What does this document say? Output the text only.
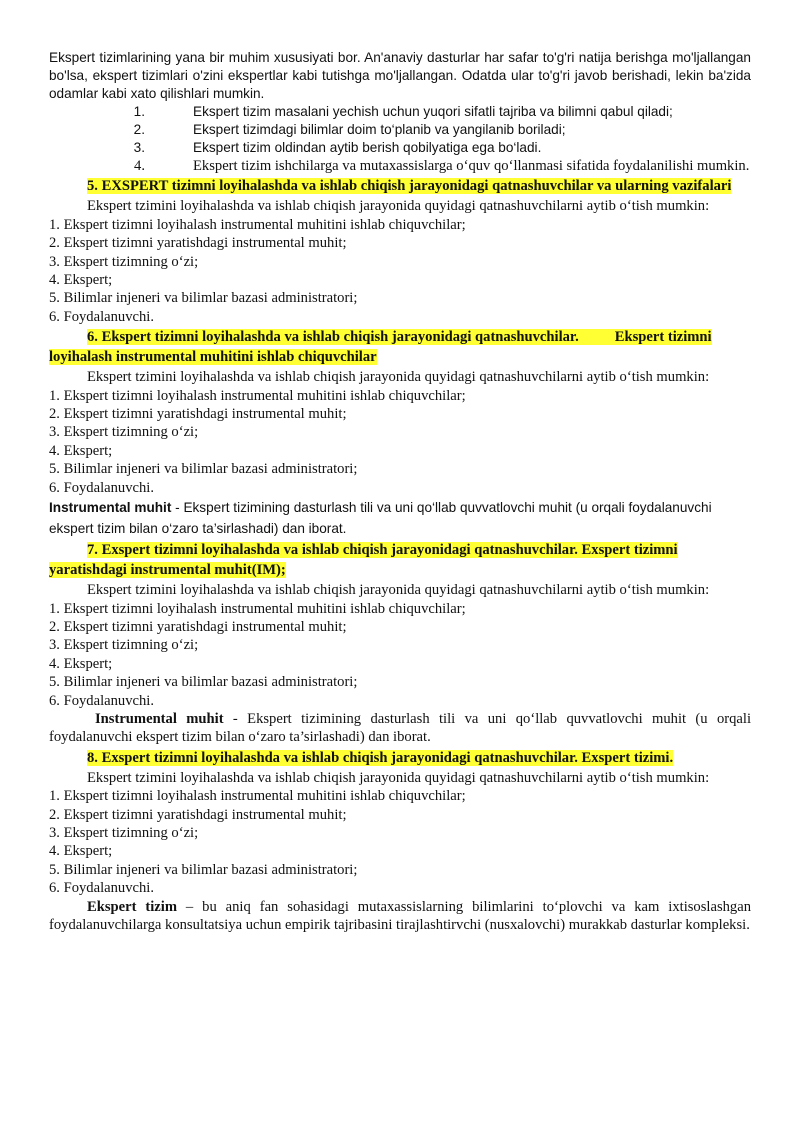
Ekspert tizimlarining yana bir muhim xususiyati bor. An'anaviy dasturlar har safar to'g'ri natija berishga mo'ljallangan bo'lsa, ekspert tizimlari o'zini ekspertlar kabi tutishga mo'ljallangan. Odatda ular to'g'ri javob berishadi, lekin ba'zida odamlar kabi xato qilishlari mumkin.

1.	Ekspert tizim masalani yechish uchun yuqori sifatli tajriba va bilimni qabul qiladi;
2.	Ekspert tizimdagi bilimlar doim to‘planib va yangilanib boriladi;
3.	Ekspert tizim oldindan aytib berish qobilyatiga ega bo‘ladi.
4.	Ekspert tizim ishchilarga va mutaxassislarga o‘quv qo‘llanmasi sifatida foydalanilishi mumkin.

5. EXSPERT tizimni loyihalashda va ishlab chiqish jarayonidagi qatnashuvchilar va ularning vazifalari

Ekspert tzimini loyihalashda va ishlab chiqish jarayonida quyidagi qatnashuvchilarni aytib o‘tish mumkin:

1. Ekspert tizimni loyihalash instrumental muhitini ishlab chiquvchilar;
2. Ekspert tizimni yaratishdagi instrumental muhit;
3. Ekspert tizimning o‘zi;
4. Ekspert;
5. Bilimlar injeneri va bilimlar bazasi administratori;
6. Foydalanuvchi.

6. Ekspert tizimni loyihalashda va ishlab chiqish jarayonidagi qatnashuvchilar. Ekspert tizimni loyihalash instrumental muhitini ishlab chiquvchilar

Ekspert tzimini loyihalashda va ishlab chiqish jarayonida quyidagi qatnashuvchilarni aytib o‘tish mumkin:

1. Ekspert tizimni loyihalash instrumental muhitini ishlab chiquvchilar;
2. Ekspert tizimni yaratishdagi instrumental muhit;
3. Ekspert tizimning o‘zi;
4. Ekspert;
5. Bilimlar injeneri va bilimlar bazasi administratori;
6. Foydalanuvchi.

Instrumental muhit - Ekspert tizimining dasturlash tili va uni qo‘llab quvvatlovchi muhit (u orqali foydalanuvchi ekspert tizim bilan o‘zaro ta’sirlashadi) dan iborat.

7. Exspert tizimni loyihalashda va ishlab chiqish jarayonidagi qatnashuvchilar. Exspert tizimni yaratishdagi instrumental muhit(IM);

Ekspert tzimini loyihalashda va ishlab chiqish jarayonida quyidagi qatnashuvchilarni aytib o‘tish mumkin:

1. Ekspert tizimni loyihalash instrumental muhitini ishlab chiquvchilar;
2. Ekspert tizimni yaratishdagi instrumental muhit;
3. Ekspert tizimning o‘zi;
4. Ekspert;
5. Bilimlar injeneri va bilimlar bazasi administratori;
6. Foydalanuvchi.

Instrumental muhit - Ekspert tizimining dasturlash tili va uni qo‘llab quvvatlovchi muhit (u orqali foydalanuvchi ekspert tizim bilan o‘zaro ta’sirlashadi) dan iborat.

8. Exspert tizimni loyihalashda va ishlab chiqish jarayonidagi qatnashuvchilar. Exspert tizimi.

Ekspert tzimini loyihalashda va ishlab chiqish jarayonida quyidagi qatnashuvchilarni aytib o‘tish mumkin:

1. Ekspert tizimni loyihalash instrumental muhitini ishlab chiquvchilar;
2. Ekspert tizimni yaratishdagi instrumental muhit;
3. Ekspert tizimning o‘zi;
4. Ekspert;
5. Bilimlar injeneri va bilimlar bazasi administratori;
6. Foydalanuvchi.

Ekspert tizim – bu aniq fan sohasidagi mutaxassislarning bilimlarini to‘plovchi va kam ixtisoslashgan foydalanuvchilarga konsultatsiya uchun empirik tajribasini tirajlashtirvchi (nusxalovchi) murakkab dasturlar kompleksi.
